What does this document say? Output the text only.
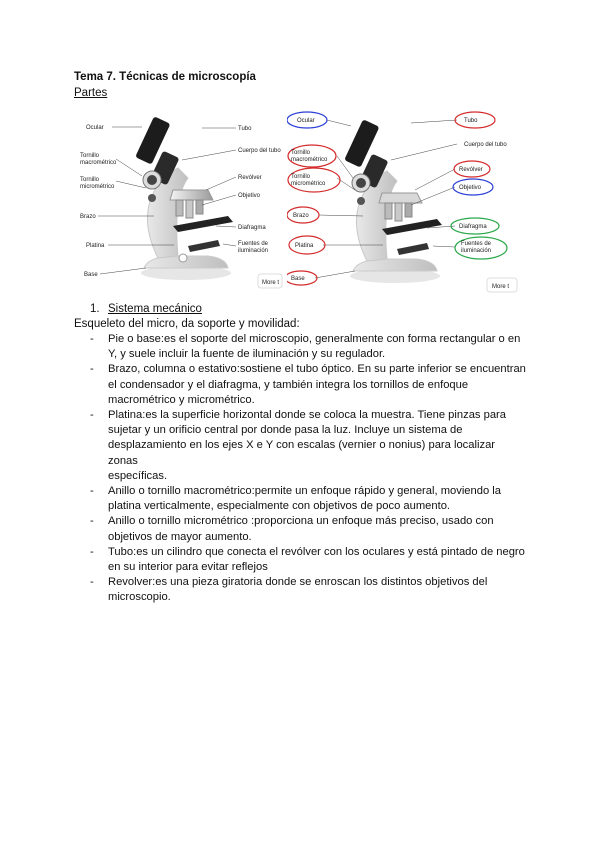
Tema 7. Técnicas de microscopía
Partes
Ocular
Tornillo
macrométrico
Tornillo
micrométrico
Brazo
Platina
Base
Tubo
Cuerpo del tubo
Revólver
Objetivo
Diafragma
Fuentes de
iluminación
More t
Ocular
Tornillo
macrométrico
Tornillo
micrométrico
Brazo
Platina
Base
Tubo
Cuerpo del tubo
Revólver
Objetivo
Diafragma
Fuentes de
iluminación
More t
1. Sistema mecánico
Esqueleto del micro, da soporte y movilidad:
- Pie o base:es el soporte del microscopio, generalmente con forma rectangular o en
Y, y suele incluir la fuente de iluminación y su regulador.
- Brazo, columna o estativo:sostiene el tubo óptico. En su parte inferior se encuentran
el condensador y el diafragma, y también integra los tornillos de enfoque
macrométrico y micrométrico.
- Platina:es la superficie horizontal donde se coloca la muestra. Tiene pinzas para
sujetar y un orificio central por donde pasa la luz. Incluye un sistema de
desplazamiento en los ejes X e Y con escalas (vernier o nonius) para localizar zonas
específicas.
- Anillo o tornillo macrométrico:permite un enfoque rápido y general, moviendo la
platina verticalmente, especialmente con objetivos de poco aumento.
- Anillo o tornillo micrométrico :proporciona un enfoque más preciso, usado con
objetivos de mayor aumento.
- Tubo:es un cilindro que conecta el revólver con los oculares y está pintado de negro
en su interior para evitar reflejos
- Revolver:es una pieza giratoria donde se enroscan los distintos objetivos del
microscopio.
